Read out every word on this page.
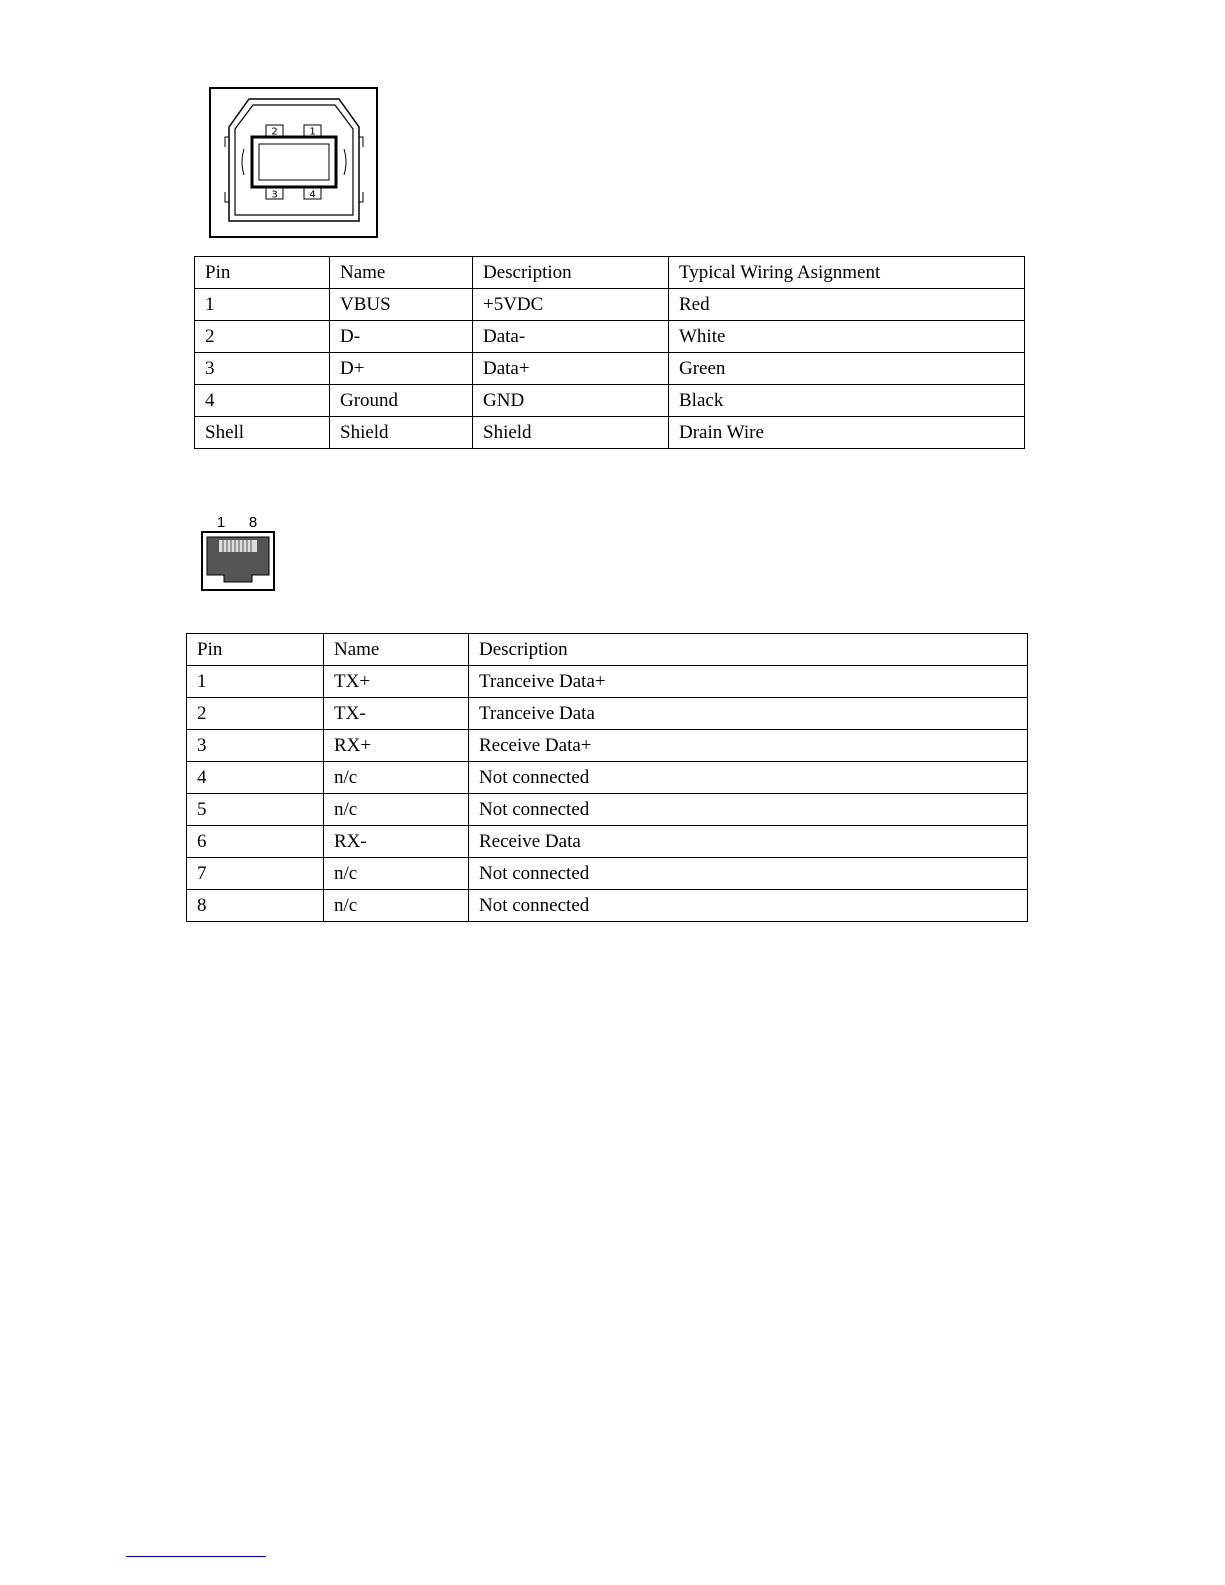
2	1
3	4
Pin	Name	Description	Typical Wiring Asignment
1	VBUS	+5VDC	Red
2	D-	Data-	White
3	D+	Data+	Green
4	Ground	GND	Black
Shell	Shield	Shield	Drain Wire
1 8
Pin	Name	Description
1	TX+	Tranceive Data+
2	TX-	Tranceive Data
3	RX+	Receive Data+
4	n/c	Not connected
5	n/c	Not connected
6	RX-	Receive Data
7	n/c	Not connected
8	n/c	Not connected
